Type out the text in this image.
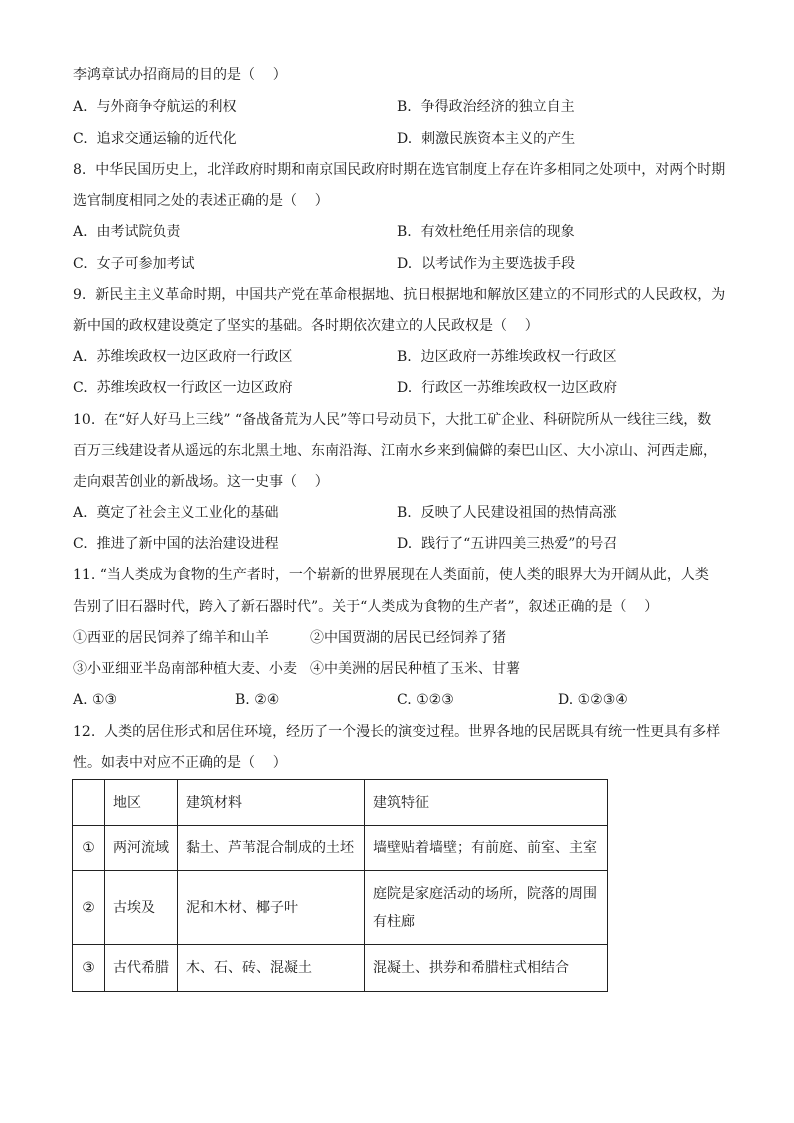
李鸿章试办招商局的目的是（    ）
A.  与外商争夺航运的利权	B.  争得政治经济的独立自主
C.  追求交通运输的近代化	D.  刺激民族资本主义的产生
8.  中华民国历史上，北洋政府时期和南京国民政府时期在选官制度上存在许多相同之处项中，对两个时期
选官制度相同之处的表述正确的是（    ）
A.  由考试院负责	B.  有效杜绝任用亲信的现象
C.  女子可参加考试	D.  以考试作为主要选拔手段
9.  新民主主义革命时期，中国共产党在革命根据地、抗日根据地和解放区建立的不同形式的人民政权，为
新中国的政权建设奠定了坚实的基础。各时期依次建立的人民政权是（    ）
A.  苏维埃政权一边区政府一行政区	B.  边区政府一苏维埃政权一行政区
C.  苏维埃政权一行政区一边区政府	D.  行政区一苏维埃政权一边区政府
10.  在“好人好马上三线” “备战备荒为人民”等口号动员下，大批工矿企业、科研院所从一线往三线，数
百万三线建设者从遥远的东北黑土地、东南沿海、江南水乡来到偏僻的秦巴山区、大小凉山、河西走廊，
走向艰苦创业的新战场。这一史事（    ）
A.  奠定了社会主义工业化的基础	B.  反映了人民建设祖国的热情高涨
C.  推进了新中国的法治建设进程	D.  践行了“五讲四美三热爱”的号召
11. “当人类成为食物的生产者时，一个崭新的世界展现在人类面前，使人类的眼界大为开阔从此，人类
告别了旧石器时代，跨入了新石器时代”。关于“人类成为食物的生产者”，叙述正确的是（    ）
①西亚的居民饲养了绵羊和山羊	②中国贾湖的居民已经饲养了猪
③小亚细亚半岛南部种植大麦、小麦 ④中美洲的居民种植了玉米、甘薯
A. ①③	B. ②④	C. ①②③	D. ①②③④
12.  人类的居住形式和居住环境，经历了一个漫长的演变过程。世界各地的民居既具有统一性更具有多样
性。如表中对应不正确的是（    ）
	地区	建筑材料	建筑特征
①	两河流域	黏土、芦苇混合制成的土坯	墙壁贴着墙壁；有前庭、前室、主室
②	古埃及	泥和木材、椰子叶	庭院是家庭活动的场所，院落的周围有柱廊
③	古代希腊	木、石、砖、混凝土	混凝土、拱券和希腊柱式相结合
